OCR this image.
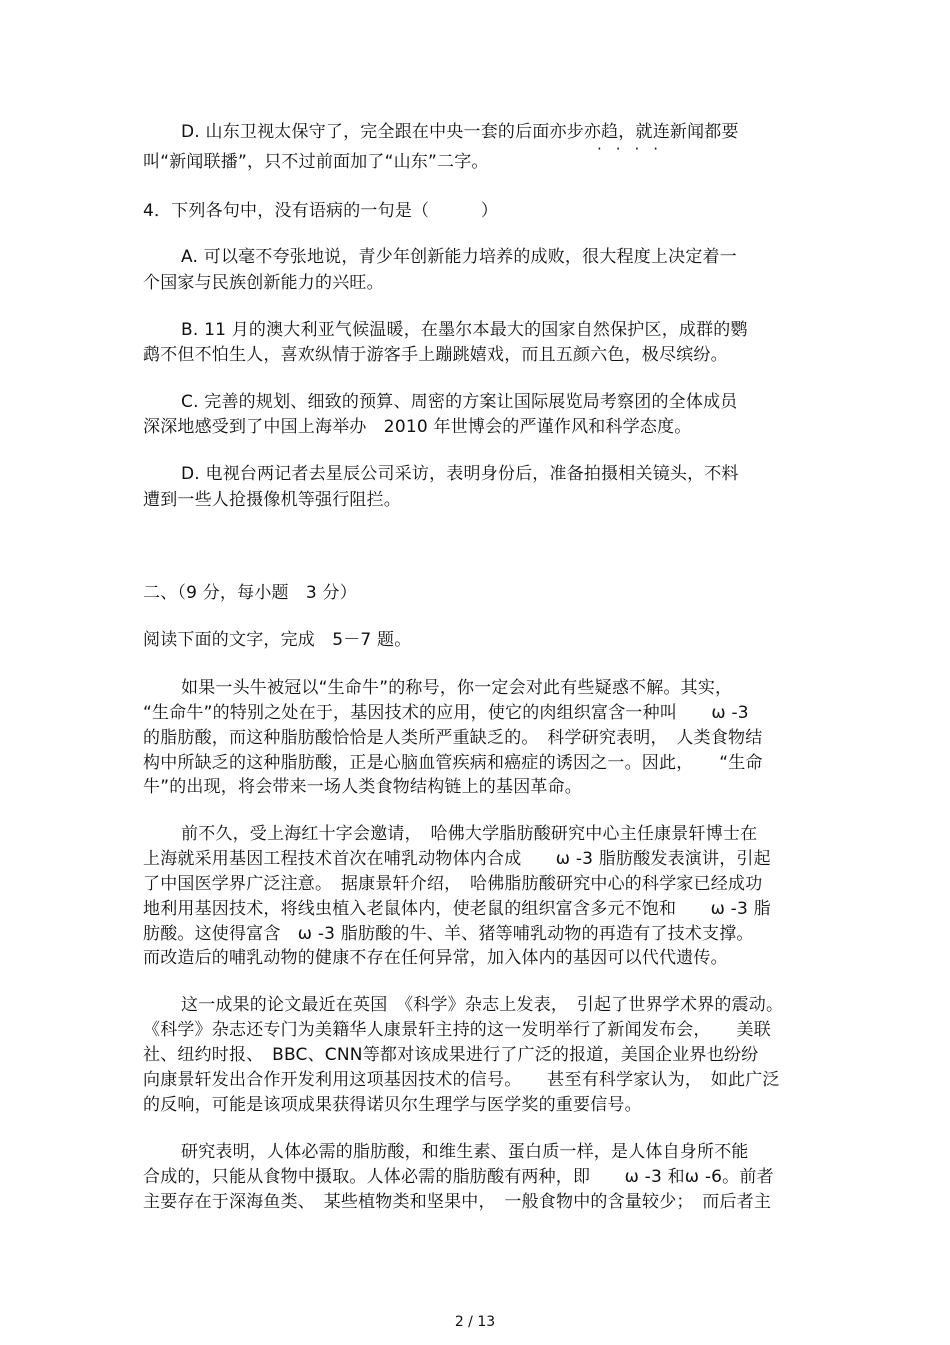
D. 山东卫视太保守了，完全跟在中央一套的后面亦步亦趋，就连新闻都要
····
叫“新闻联播”，只不过前面加了“山东”二字。
4．下列各句中，没有语病的一句是（　　　）
A. 可以毫不夸张地说，青少年创新能力培养的成败，很大程度上决定着一
个国家与民族创新能力的兴旺。
B. 11 月的澳大利亚气候温暖，在墨尔本最大的国家自然保护区，成群的鹦
鹉不但不怕生人，喜欢纵情于游客手上蹦跳嬉戏，而且五颜六色，极尽缤纷。
C. 完善的规划、细致的预算、周密的方案让国际展览局考察团的全体成员
深深地感受到了中国上海举办　2010 年世博会的严谨作风和科学态度。
D. 电视台两记者去星辰公司采访，表明身份后，准备拍摄相关镜头，不料
遭到一些人抢摄像机等强行阻拦。
二、（9 分，每小题　3 分）
阅读下面的文字，完成　5－7 题。
如果一头牛被冠以“生命牛”的称号，你一定会对此有些疑惑不解。其实，
“生命牛”的特别之处在于，基因技术的应用，使它的肉组织富含一种叫　　ω -3
的脂肪酸，而这种脂肪酸恰恰是人类所严重缺乏的。　科学研究表明，　人类食物结
构中所缺乏的这种脂肪酸，正是心脑血管疾病和癌症的诱因之一。因此，　　“生命
牛”的出现，将会带来一场人类食物结构链上的基因革命。
前不久，受上海红十字会邀请，　哈佛大学脂肪酸研究中心主任康景轩博士在
上海就采用基因工程技术首次在哺乳动物体内合成　　ω -3 脂肪酸发表演讲，引起
了中国医学界广泛注意。　据康景轩介绍，　哈佛脂肪酸研究中心的科学家已经成功
地利用基因技术，将线虫植入老鼠体内，使老鼠的组织富含多元不饱和　　ω -3 脂
肪酸。这使得富含　ω -3 脂肪酸的牛、羊、猪等哺乳动物的再造有了技术支撑。
而改造后的哺乳动物的健康不存在任何异常，加入体内的基因可以代代遗传。
这一成果的论文最近在英国　《科学》杂志上发表，　引起了世界学术界的震动。
《科学》杂志还专门为美籍华人康景轩主持的这一发明举行了新闻发布会，　　美联
社、纽约时报、　BBC、CNN等都对该成果进行了广泛的报道，美国企业界也纷纷
向康景轩发出合作开发利用这项基因技术的信号。　　甚至有科学家认为，　如此广泛
的反响，可能是该项成果获得诺贝尔生理学与医学奖的重要信号。
研究表明，人体必需的脂肪酸，和维生素、蛋白质一样，是人体自身所不能
合成的，只能从食物中摄取。人体必需的脂肪酸有两种，即　　ω -3 和ω -6。前者
主要存在于深海鱼类、　某些植物类和坚果中，　一般食物中的含量较少；　而后者主
2 / 13
